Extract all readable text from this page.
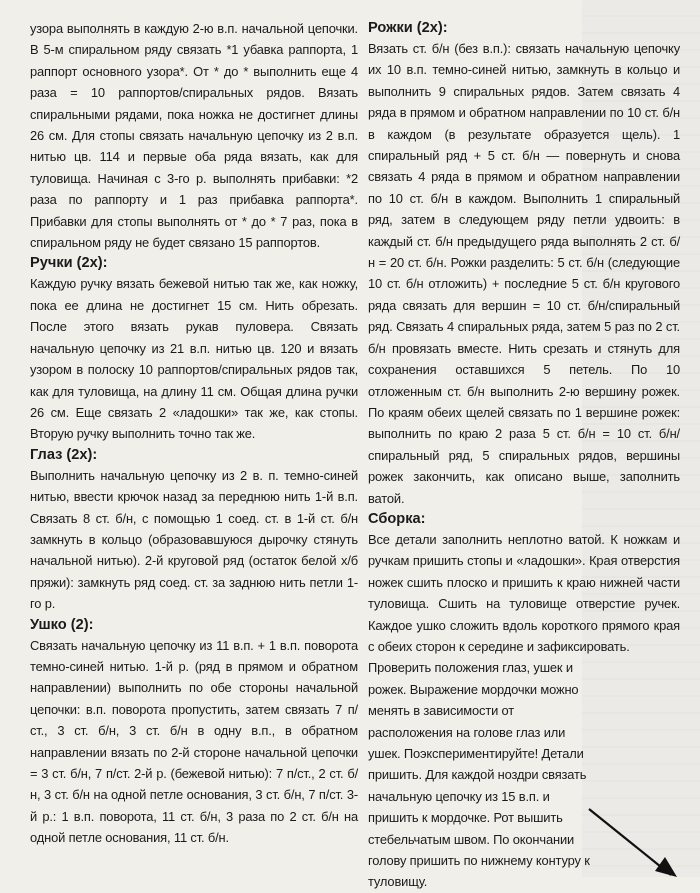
узора выполнять в каждую 2-ю в.п. начальной цепочки. В 5-м спиральном ряду связать *1 убавка раппорта, 1 раппорт основного узора*. От * до * выполнить еще 4 раза = 10 раппортов/спиральных рядов. Вязать спиральными рядами, пока ножка не достигнет длины 26 см. Для стопы связать начальную цепочку из 2 в.п. нитью цв. 114 и первые оба ряда вязать, как для туловища. Начиная с 3-го р. выполнять прибавки: *2 раза по раппорту и 1 раз прибавка раппорта*. Прибавки для стопы выполнять от * до * 7 раз, пока в спиральном ряду не будет связано 15 раппортов.

Ручки (2х):

Каждую ручку вязать бежевой нитью так же, как ножку, пока ее длина не достигнет 15 см. Нить обрезать. После этого вязать рукав пуловера. Связать начальную цепочку из 21 в.п. нитью цв. 120 и вязать узором в полоску 10 раппортов/спиральных рядов так, как для туловища, на длину 11 см. Общая длина ручки 26 см. Еще связать 2 «ладошки» так же, как стопы. Вторую ручку выполнить точно так же.

Глаз (2х):

Выполнить начальную цепочку из 2 в. п. темно-синей нитью, ввести крючок назад за переднюю нить 1-й в.п. Связать 8 ст. б/н, с помощью 1 соед. ст. в 1-й ст. б/н замкнуть в кольцо (образовавшуюся дырочку стянуть начальной нитью). 2-й круговой ряд (остаток белой х/б пряжи): замкнуть ряд соед. ст. за заднюю нить петли 1-го р.

Ушко (2):

Связать начальную цепочку из 11 в.п. + 1 в.п. поворота темно-синей нитью. 1-й р. (ряд в прямом и обратном направлении) выполнить по обе стороны начальной цепочки: в.п. поворота пропустить, затем связать 7 п/ст., 3 ст. б/н, 3 ст. б/н в одну в.п., в обратном направлении вязать по 2-й стороне начальной цепочки = 3 ст. б/н, 7 п/ст. 2-й р. (бежевой нитью): 7 п/ст., 2 ст. б/н, 3 ст. б/н на одной петле основания, 3 ст. б/н, 7 п/ст. 3-й р.: 1 в.п. поворота, 11 ст. б/н, 3 раза по 2 ст. б/н на одной петле основания, 11 ст. б/н.

Рожки (2х):

Вязать ст. б/н (без в.п.): связать начальную цепочку их 10 в.п. темно-синей нитью, замкнуть в кольцо и выполнить 9 спиральных рядов. Затем связать 4 ряда в прямом и обратном направлении по 10 ст. б/н в каждом (в результате образуется щель). 1 спиральный ряд + 5 ст. б/н — повернуть и снова связать 4 ряда в прямом и обратном направлении по 10 ст. б/н в каждом. Выполнить 1 спиральный ряд, затем в следующем ряду петли удвоить: в каждый ст. б/н предыдущего ряда выполнять 2 ст. б/н = 20 ст. б/н. Рожки разделить: 5 ст. б/н (следующие 10 ст. б/н отложить) + последние 5 ст. б/н кругового ряда связать для вершин = 10 ст. б/н/спиральный ряд. Связать 4 спиральных ряда, затем 5 раз по 2 ст. б/н провязать вместе. Нить срезать и стянуть для сохранения оставшихся 5 петель. По 10 отложенным ст. б/н выполнить 2-ю вершину рожек. По краям обеих щелей связать по 1 вершине рожек: выполнить по краю 2 раза 5 ст. б/н = 10 ст. б/н/спиральный ряд, 5 спиральных рядов, вершины рожек закончить, как описано выше, заполнить ватой.

Сборка:

Все детали заполнить неплотно ватой. К ножкам и ручкам пришить стопы и «ладошки». Края отверстия ножек сшить плоско и пришить к краю нижней части туловища. Сшить на туловище отверстие ручек. Каждое ушко сложить вдоль короткого прямого края с обеих сторон к середине и зафиксировать.

Проверить положения глаз, ушек и рожек. Выражение мордочки можно менять в зависимости от расположения на голове глаз или ушек. Поэкспериментируйте! Детали пришить. Для каждой ноздри связать начальную цепочку из 15 в.п. и пришить к мордочке. Рот вышить стебельчатым швом. По окончании голову пришить по нижнему контуру к туловищу.
